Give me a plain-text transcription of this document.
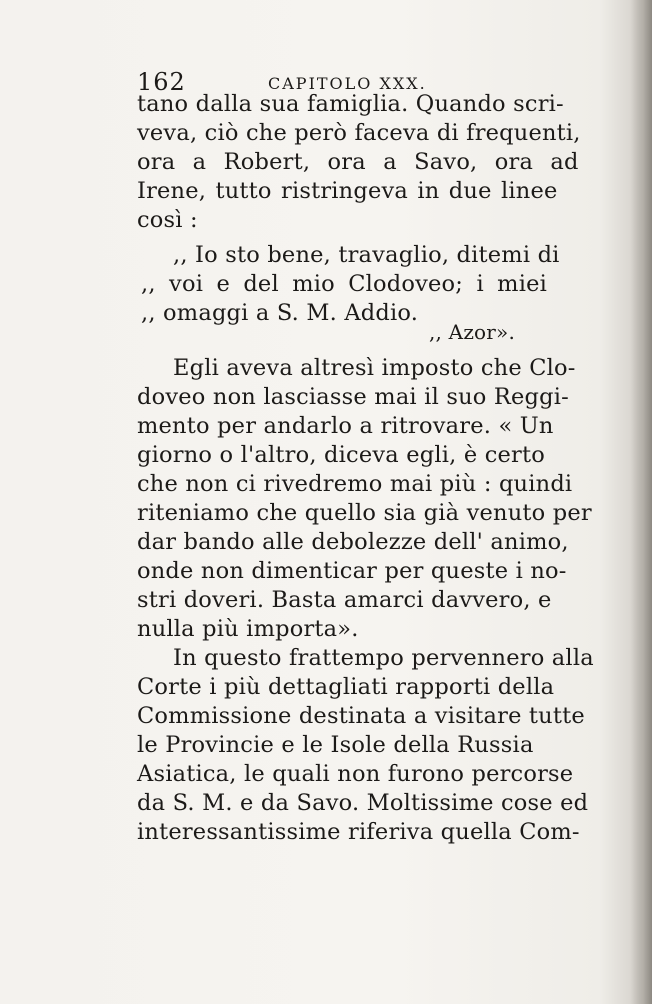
162	CAPITOLO XXX.
tano dalla sua famiglia. Quando scri-
veva, ciò che però faceva di frequenti,
ora a Robert, ora a Savo, ora ad
Irene, tutto ristringeva in due linee
così :
,, Io sto bene, travaglio, ditemi di
,, voi e del mio Clodoveo; i miei
,, omaggi a S. M. Addio.
,, Azor».
Egli aveva altresì imposto che Clo-
doveo non lasciasse mai il suo Reggi-
mento per andarlo a ritrovare. « Un
giorno o l'altro, diceva egli, è certo
che non ci rivedremo mai più : quindi
riteniamo che quello sia già venuto per
dar bando alle debolezze dell' animo,
onde non dimenticar per queste i no-
stri doveri. Basta amarci davvero, e
nulla più importa».
In questo frattempo pervennero alla
Corte i più dettagliati rapporti della
Commissione destinata a visitare tutte
le Provincie e le Isole della Russia
Asiatica, le quali non furono percorse
da S. M. e da Savo. Moltissime cose ed
interessantissime riferiva quella Com-
